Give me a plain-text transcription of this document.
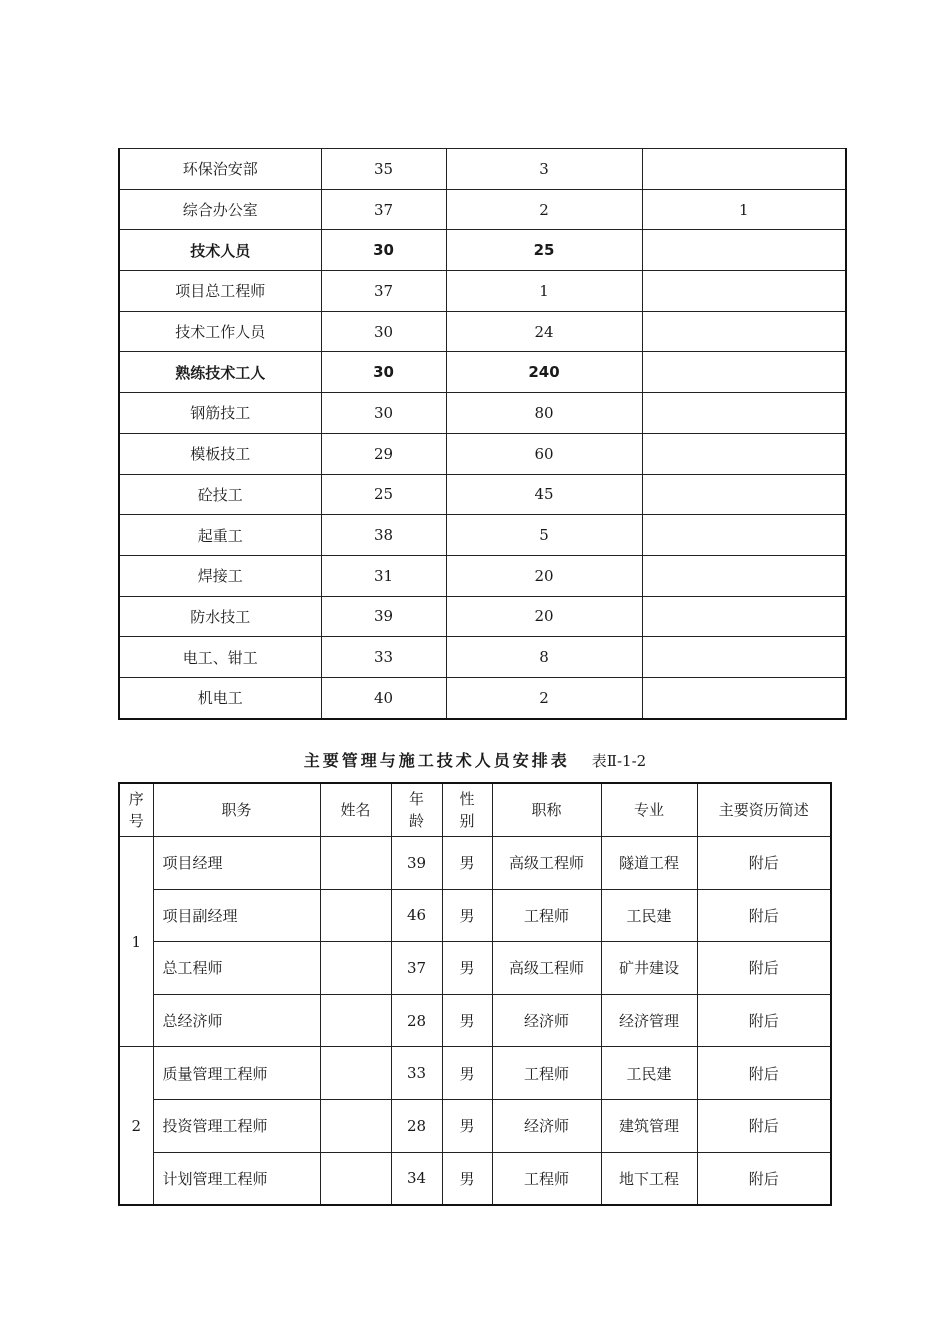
环保治安部	35	3	
综合办公室	37	2	1
技术人员	30	25	
项目总工程师	37	1	
技术工作人员	30	24	
熟练技术工人	30	240	
钢筋技工	30	80	
模板技工	29	60	
砼技工	25	45	
起重工	38	5	
焊接工	31	20	
防水技工	39	20	
电工、钳工	33	8	
机电工	40	2	
主要管理与施工技术人员安排表 表Ⅱ-1-2
序
号	职务	姓名	年
龄	性
别	职称	专业	主要资历简述
1	项目经理		39	男	高级工程师	隧道工程	附后
	项目副经理		46	男	工程师	工民建	附后
	总工程师		37	男	高级工程师	矿井建设	附后
	总经济师		28	男	经济师	经济管理	附后
2	质量管理工程师		33	男	工程师	工民建	附后
	投资管理工程师		28	男	经济师	建筑管理	附后
	计划管理工程师		34	男	工程师	地下工程	附后
